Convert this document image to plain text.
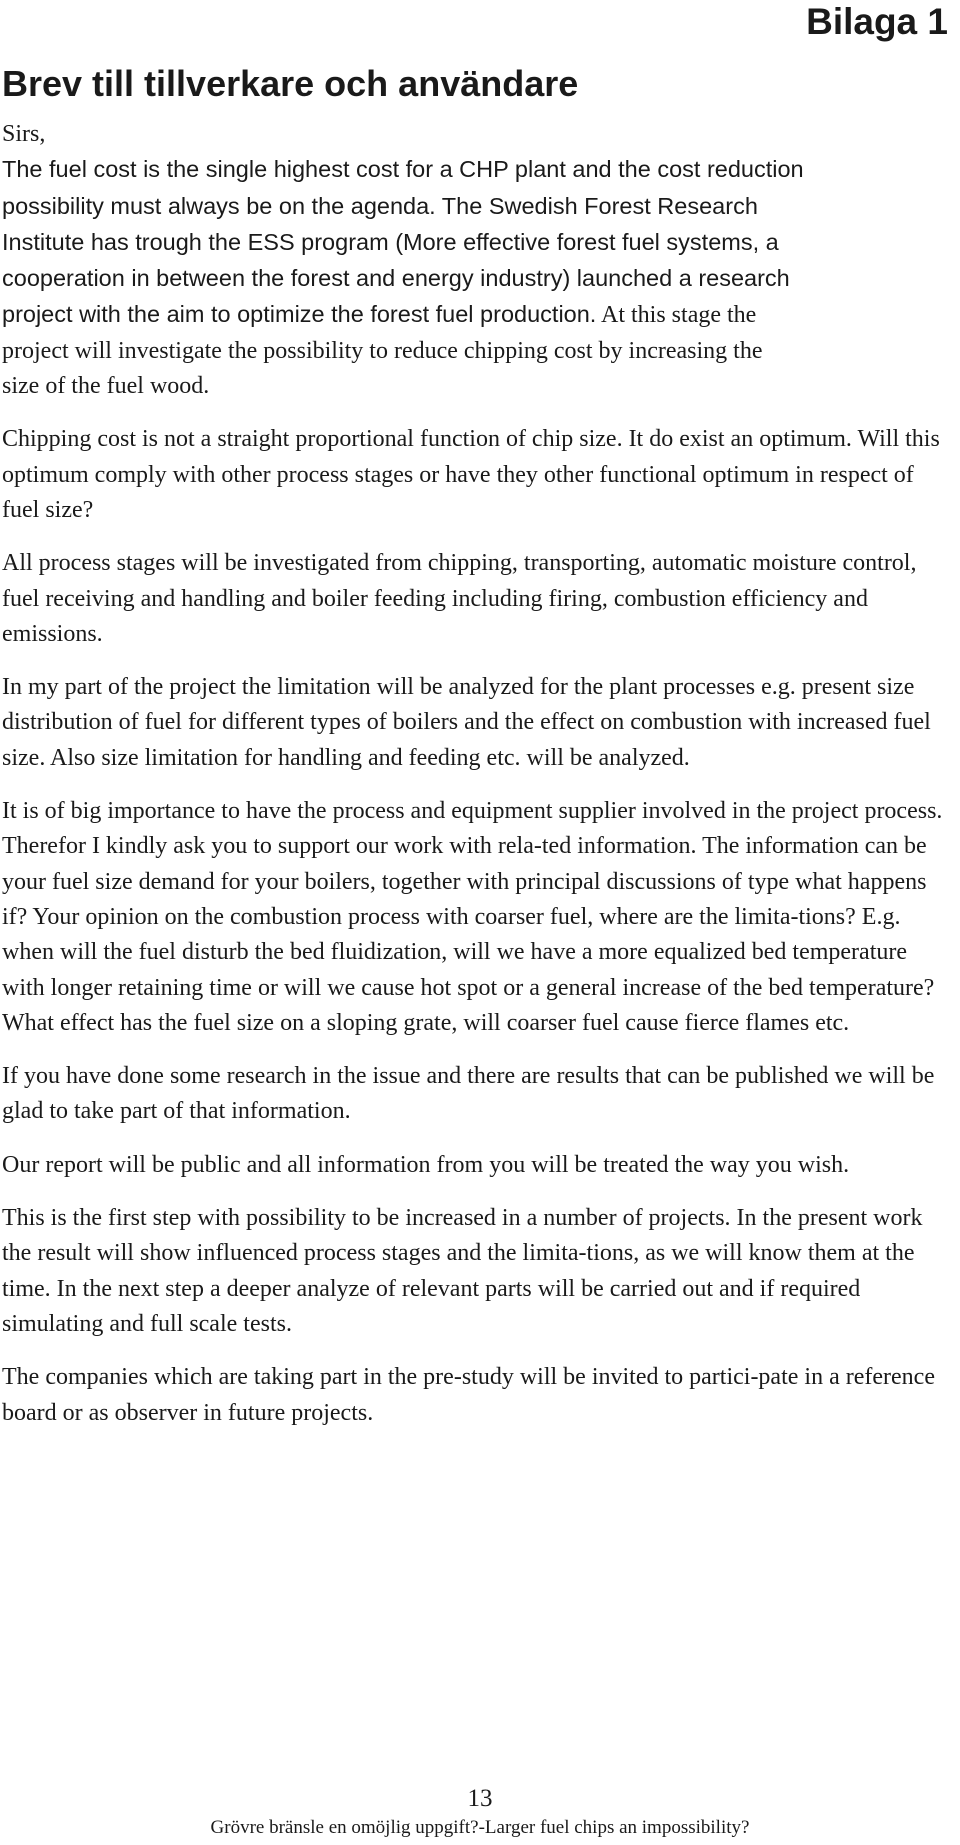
Bilaga 1
Brev till tillverkare och användare

Sirs,

The fuel cost is the single highest cost for a CHP plant and the cost reduction
possibility must always be on the agenda. The Swedish Forest Research
Institute has trough the ESS program (More effective forest fuel systems, a
cooperation in between the forest and energy industry) launched a research
project with the aim to optimize the forest fuel production. At this stage the
project will investigate the possibility to reduce chipping cost by increasing the
size of the fuel wood.

Chipping cost is not a straight proportional function of chip size. It do exist an optimum. Will this optimum comply with other process stages or have they other functional optimum in respect of fuel size?

All process stages will be investigated from chipping, transporting, automatic moisture control, fuel receiving and handling and boiler feeding including firing, combustion efficiency and emissions.

In my part of the project the limitation will be analyzed for the plant processes e.g. present size distribution of fuel for different types of boilers and the effect on combustion with increased fuel size. Also size limitation for handling and feeding etc. will be analyzed.

It is of big importance to have the process and equipment supplier involved in the project process. Therefor I kindly ask you to support our work with rela-ted information. The information can be your fuel size demand for your boilers, together with principal discussions of type what happens if? Your opinion on the combustion process with coarser fuel, where are the limita-tions? E.g. when will the fuel disturb the bed fluidization, will we have a more equalized bed temperature with longer retaining time or will we cause hot spot or a general increase of the bed temperature? What effect has the fuel size on a sloping grate, will coarser fuel cause fierce flames etc.

If you have done some research in the issue and there are results that can be published we will be glad to take part of that information.

Our report will be public and all information from you will be treated the way you wish.

This is the first step with possibility to be increased in a number of projects. In the present work the result will show influenced process stages and the limita-tions, as we will know them at the time. In the next step a deeper analyze of relevant parts will be carried out and if required simulating and full scale tests.

The companies which are taking part in the pre-study will be invited to partici-pate in a reference board or as observer in future projects.

13
Grövre bränsle en omöjlig uppgift?-Larger fuel chips an impossibility?
